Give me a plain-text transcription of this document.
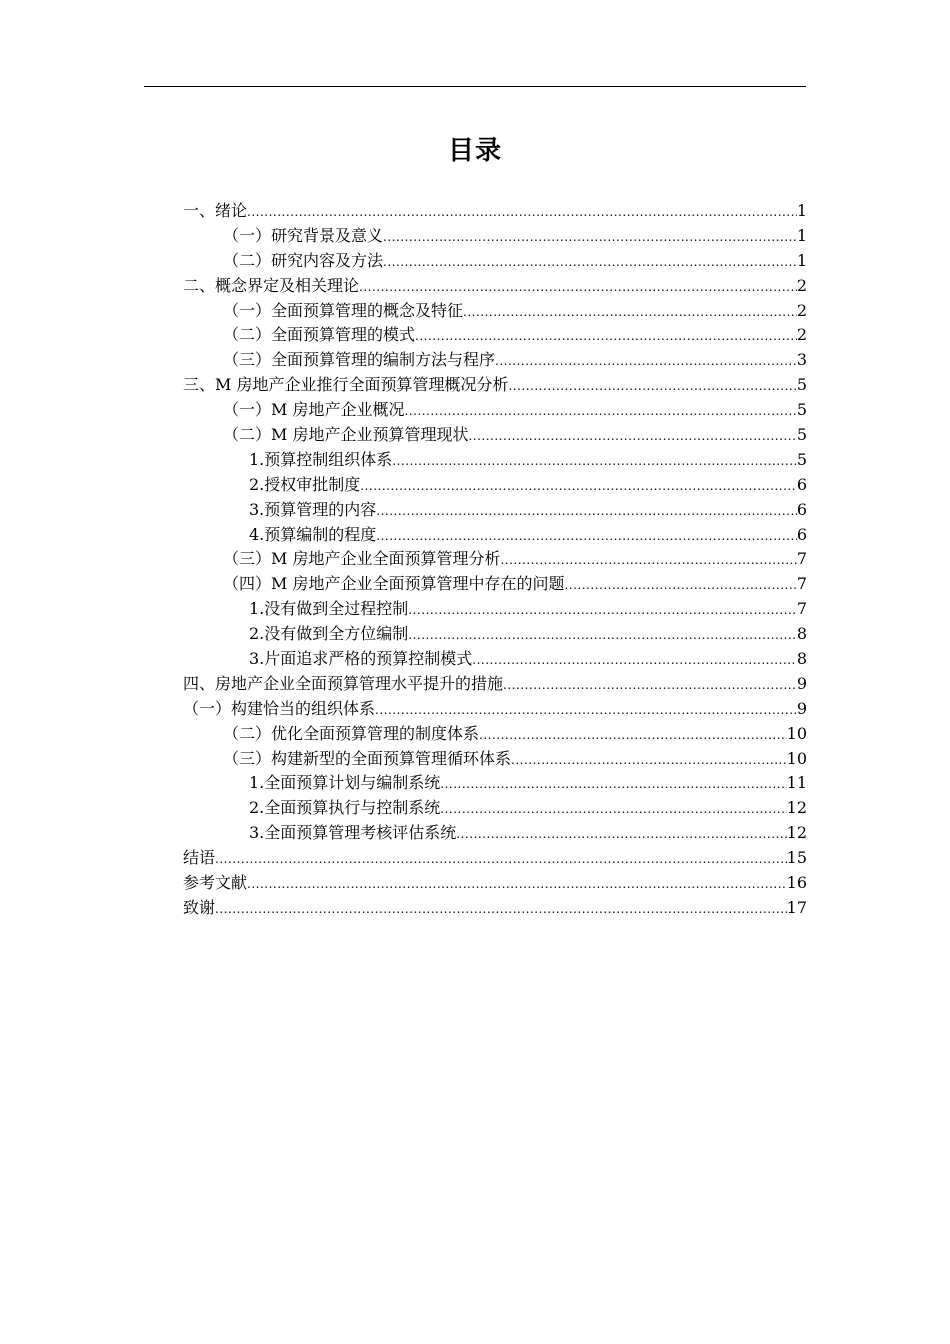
目录
一、绪论 .....	1
（一）研究背景及意义 .....	1
（二）研究内容及方法 .....	1
二、概念界定及相关理论 .....	2
（一）全面预算管理的概念及特征 .....	2
（二）全面预算管理的模式 .....	2
（三）全面预算管理的编制方法与程序 .....	3
三、M 房地产企业推行全面预算管理概况分析 .....	5
（一）M 房地产企业概况 .....	5
（二）M 房地产企业预算管理现状 .....	5
1.预算控制组织体系 .....	5
2.授权审批制度 .....	6
3.预算管理的内容 .....	6
4.预算编制的程度 .....	6
（三）M 房地产企业全面预算管理分析 .....	7
（四）M 房地产企业全面预算管理中存在的问题 .....	7
1.没有做到全过程控制 .....	7
2.没有做到全方位编制 .....	8
3.片面追求严格的预算控制模式 .....	8
四、房地产企业全面预算管理水平提升的措施 .....	9
（一）构建恰当的组织体系 .....	9
（二）优化全面预算管理的制度体系 .....	10
（三）构建新型的全面预算管理循环体系 .....	10
1.全面预算计划与编制系统 .....	11
2.全面预算执行与控制系统 .....	12
3.全面预算管理考核评估系统 .....	12
结语 .....	15
参考文献 .....	16
致谢 .....	17
